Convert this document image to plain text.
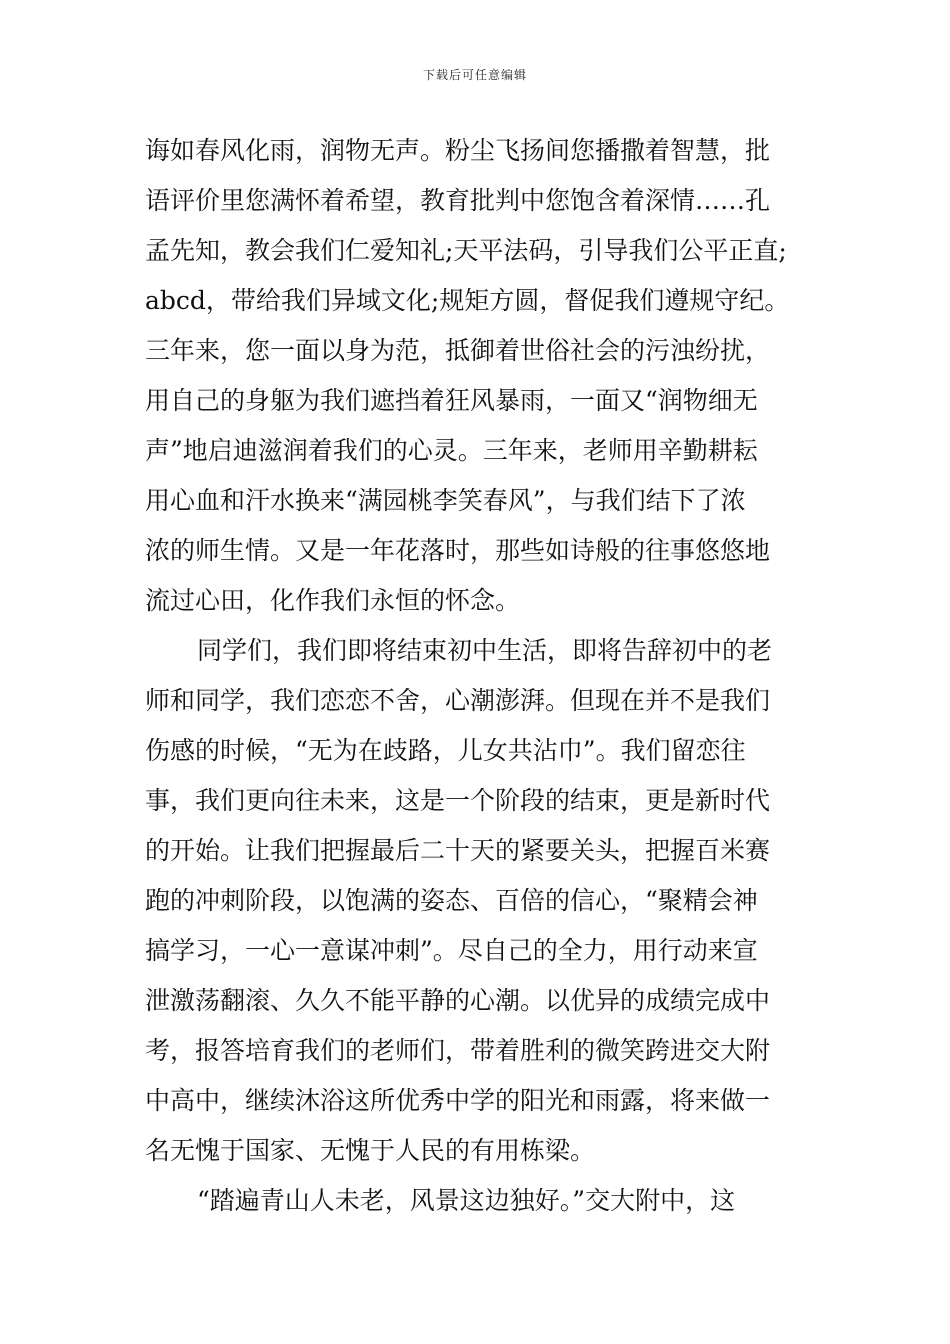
下载后可任意编辑
诲如春风化雨，润物无声。粉尘飞扬间您播撒着智慧，批
语评价里您满怀着希望，教育批判中您饱含着深情……孔
孟先知，教会我们仁爱知礼;天平法码，引导我们公平正直;
abcd，带给我们异域文化;规矩方圆，督促我们遵规守纪。
三年来，您一面以身为范，抵御着世俗社会的污浊纷扰，
用自己的身躯为我们遮挡着狂风暴雨，一面又“润物细无
声”地启迪滋润着我们的心灵。三年来，老师用辛勤耕耘
用心血和汗水换来“满园桃李笑春风”，与我们结下了浓
浓的师生情。又是一年花落时，那些如诗般的往事悠悠地
流过心田，化作我们永恒的怀念。
同学们，我们即将结束初中生活，即将告辞初中的老
师和同学，我们恋恋不舍，心潮澎湃。但现在并不是我们
伤感的时候，“无为在歧路，儿女共沾巾”。我们留恋往
事，我们更向往未来，这是一个阶段的结束，更是新时代
的开始。让我们把握最后二十天的紧要关头，把握百米赛
跑的冲刺阶段，以饱满的姿态、百倍的信心，“聚精会神
搞学习，一心一意谋冲刺”。尽自己的全力，用行动来宣
泄激荡翻滚、久久不能平静的心潮。以优异的成绩完成中
考，报答培育我们的老师们，带着胜利的微笑跨进交大附
中高中，继续沐浴这所优秀中学的阳光和雨露，将来做一
名无愧于国家、无愧于人民的有用栋梁。
“踏遍青山人未老，风景这边独好。”交大附中，这
